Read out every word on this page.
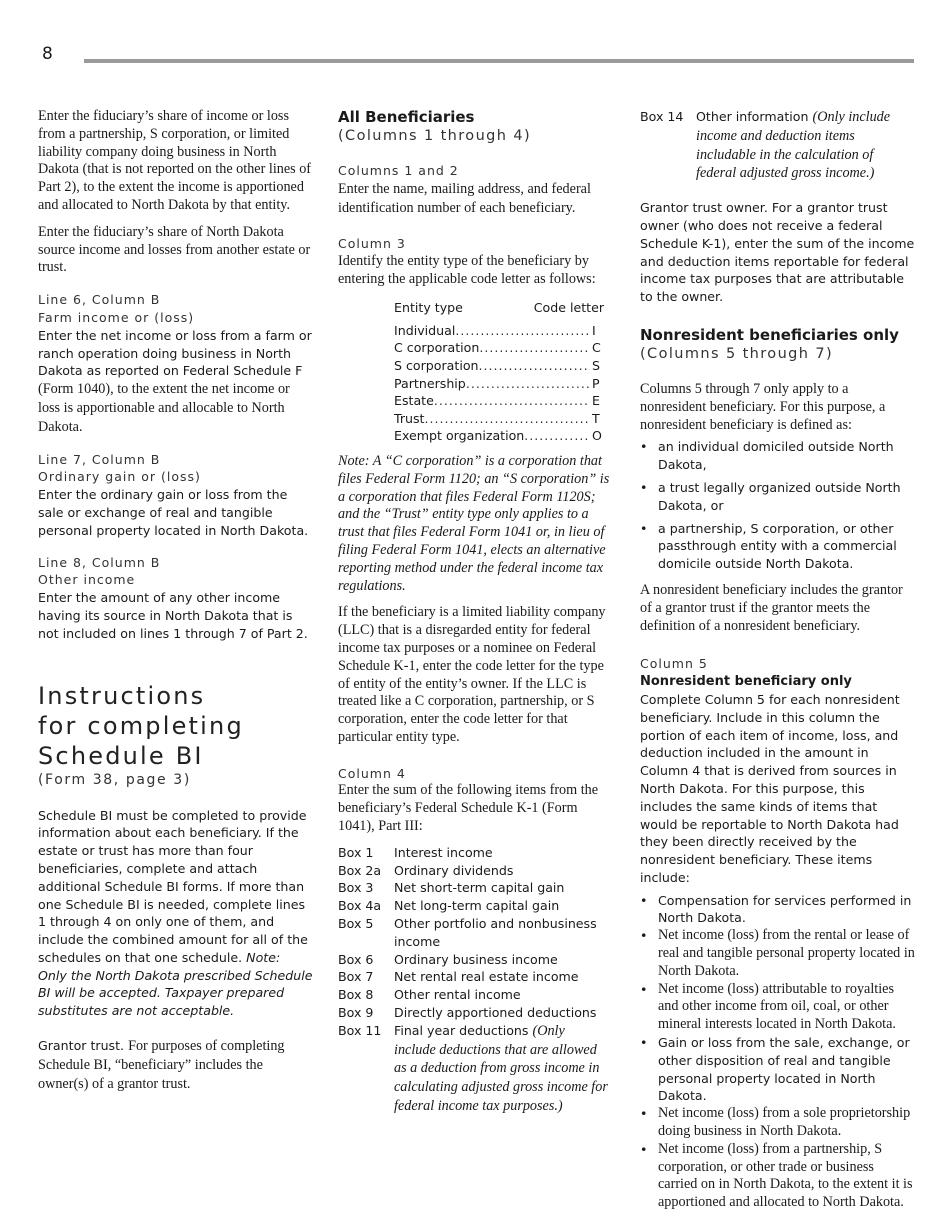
8

Enter the fiduciary’s share of income or loss from a partnership, S corporation, or limited liability company doing business in North Dakota (that is not reported on the other lines of Part 2), to the extent the income is apportioned and allocated to North Dakota by that entity.

Enter the fiduciary’s share of North Dakota source income and losses from another estate or trust.

Line 6, Column B
Farm income or (loss)

Enter the net income or loss from a farm or ranch operation doing business in North Dakota as reported on Federal Schedule F (Form 1040), to the extent the net income or loss is apportionable and allocable to North Dakota.

Line 7, Column B
Ordinary gain or (loss)

Enter the ordinary gain or loss from the sale or exchange of real and tangible personal property located in North Dakota.

Line 8, Column B
Other income

Enter the amount of any other income having its source in North Dakota that is not included on lines 1 through 7 of Part 2.

Instructions
for completing
Schedule BI
(Form 38, page 3)

Schedule BI must be completed to provide information about each beneficiary. If the estate or trust has more than four beneficiaries, complete and attach additional Schedule BI forms. If more than one Schedule BI is needed, complete lines 1 through 4 on only one of them, and include the combined amount for all of the schedules on that one schedule. Note: Only the North Dakota prescribed Schedule BI will be accepted. Taxpayer prepared substitutes are not acceptable.

Grantor trust. For purposes of completing Schedule BI, “beneficiary” includes the owner(s) of a grantor trust.

All Beneficiaries
(Columns 1 through 4)
Columns 1 and 2

Enter the name, mailing address, and federal identification number of each beneficiary.

Column 3

Identify the entity type of the beneficiary by entering the applicable code letter as follows:

Entity type	Code letter
Individual .....	I
C corporation .....	C
S corporation .....	S
Partnership .....	P
Estate .....	E
Trust .....	T
Exempt organization .....	O

Note: A “C corporation” is a corporation that files Federal Form 1120; an “S corporation” is a corporation that files Federal Form 1120S; and the “Trust” entity type only applies to a trust that files Federal Form 1041 or, in lieu of filing Federal Form 1041, elects an alternative reporting method under the federal income tax regulations.

If the beneficiary is a limited liability company (LLC) that is a disregarded entity for federal income tax purposes or a nominee on Federal Schedule K-1, enter the code letter for the type of entity of the entity’s owner. If the LLC is treated like a C corporation, partnership, or S corporation, enter the code letter for that particular entity type.

Column 4

Enter the sum of the following items from the beneficiary’s Federal Schedule K-1 (Form 1041), Part III:

Box 1	Interest income
Box 2a	Ordinary dividends
Box 3	Net short-term capital gain
Box 4a	Net long-term capital gain
Box 5	Other portfolio and nonbusiness income
Box 6	Ordinary business income
Box 7	Net rental real estate income
Box 8	Other rental income
Box 9	Directly apportioned deductions
Box 11 Final year deductions (Only include deductions that are allowed as a deduction from gross income in calculating adjusted gross income for federal income tax purposes.)
Box 14 Other information (Only include income and deduction items includable in the calculation of federal adjusted gross income.)

Grantor trust owner. For a grantor trust owner (who does not receive a federal Schedule K-1), enter the sum of the income and deduction items reportable for federal income tax purposes that are attributable to the owner.

Nonresident beneficiaries only
(Columns 5 through 7)

Columns 5 through 7 only apply to a nonresident beneficiary. For this purpose, a nonresident beneficiary is defined as:

• an individual domiciled outside North Dakota,
• a trust legally organized outside North Dakota, or
• a partnership, S corporation, or other passthrough entity with a commercial domicile outside North Dakota.

A nonresident beneficiary includes the grantor of a grantor trust if the grantor meets the definition of a nonresident beneficiary.

Column 5
Nonresident beneficiary only

Complete Column 5 for each nonresident beneficiary. Include in this column the portion of each item of income, loss, and deduction included in the amount in Column 4 that is derived from sources in North Dakota. For this purpose, this includes the same kinds of items that would be reportable to North Dakota had they been directly received by the nonresident beneficiary. These items include:

• Compensation for services performed in North Dakota.
• Net income (loss) from the rental or lease of real and tangible personal property located in North Dakota.
• Net income (loss) attributable to royalties and other income from oil, coal, or other mineral interests located in North Dakota.
• Gain or loss from the sale, exchange, or other disposition of real and tangible personal property located in North Dakota.
• Net income (loss) from a sole proprietorship doing business in North Dakota.
• Net income (loss) from a partnership, S corporation, or other trade or business carried on in North Dakota, to the extent it is apportioned and allocated to North Dakota.
